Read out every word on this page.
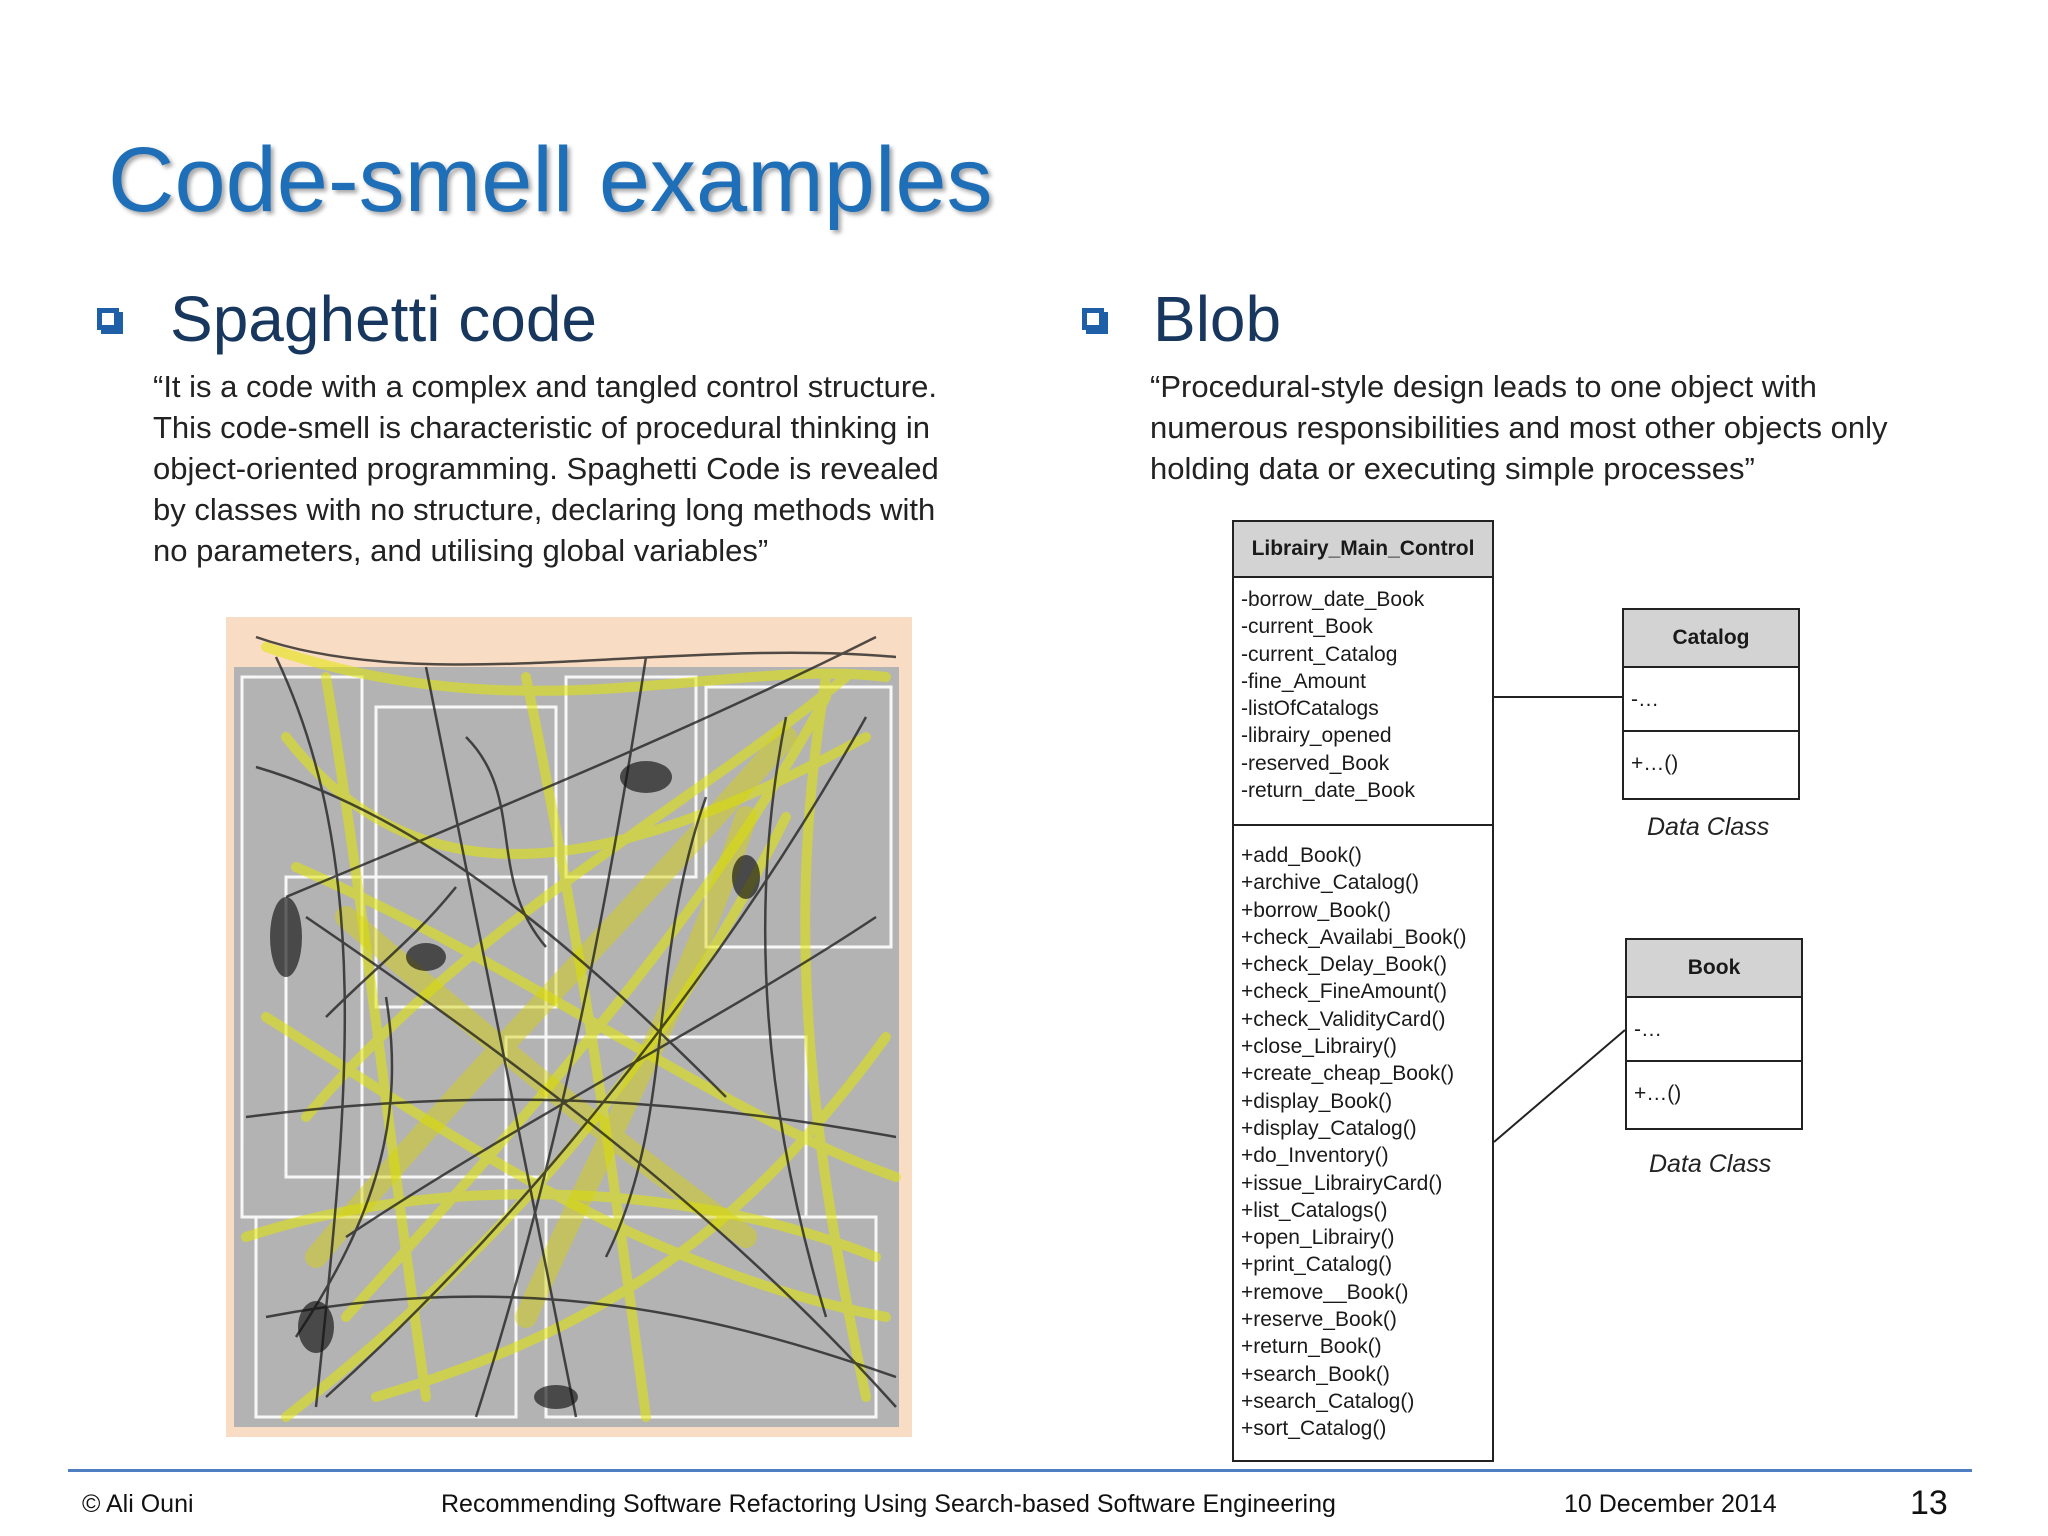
Code-smell examples
Spaghetti code
“It is a code with a complex and tangled control structure.
This code-smell is characteristic of procedural thinking in
object-oriented programming. Spaghetti Code is revealed
by classes with no structure, declaring long methods with
no parameters, and utilising global variables”
Blob
“Procedural-style design leads to one object with
numerous responsibilities and most other objects only
holding data or executing simple processes”
Librairy_Main_Control
-borrow_date_Book
-current_Book
-current_Catalog
-fine_Amount
-listOfCatalogs
-librairy_opened
-reserved_Book
-return_date_Book
+add_Book()
+archive_Catalog()
+borrow_Book()
+check_Availabi_Book()
+check_Delay_Book()
+check_FineAmount()
+check_ValidityCard()
+close_Librairy()
+create_cheap_Book()
+display_Book()
+display_Catalog()
+do_Inventory()
+issue_LibrairyCard()
+list_Catalogs()
+open_Librairy()
+print_Catalog()
+remove__Book()
+reserve_Book()
+return_Book()
+search_Book()
+search_Catalog()
+sort_Catalog()
Catalog
-…
+…()
Data Class
Book
-…
+…()
Data Class
© Ali Ouni	Recommending Software Refactoring Using Search-based Software Engineering	10 December 2014	13
